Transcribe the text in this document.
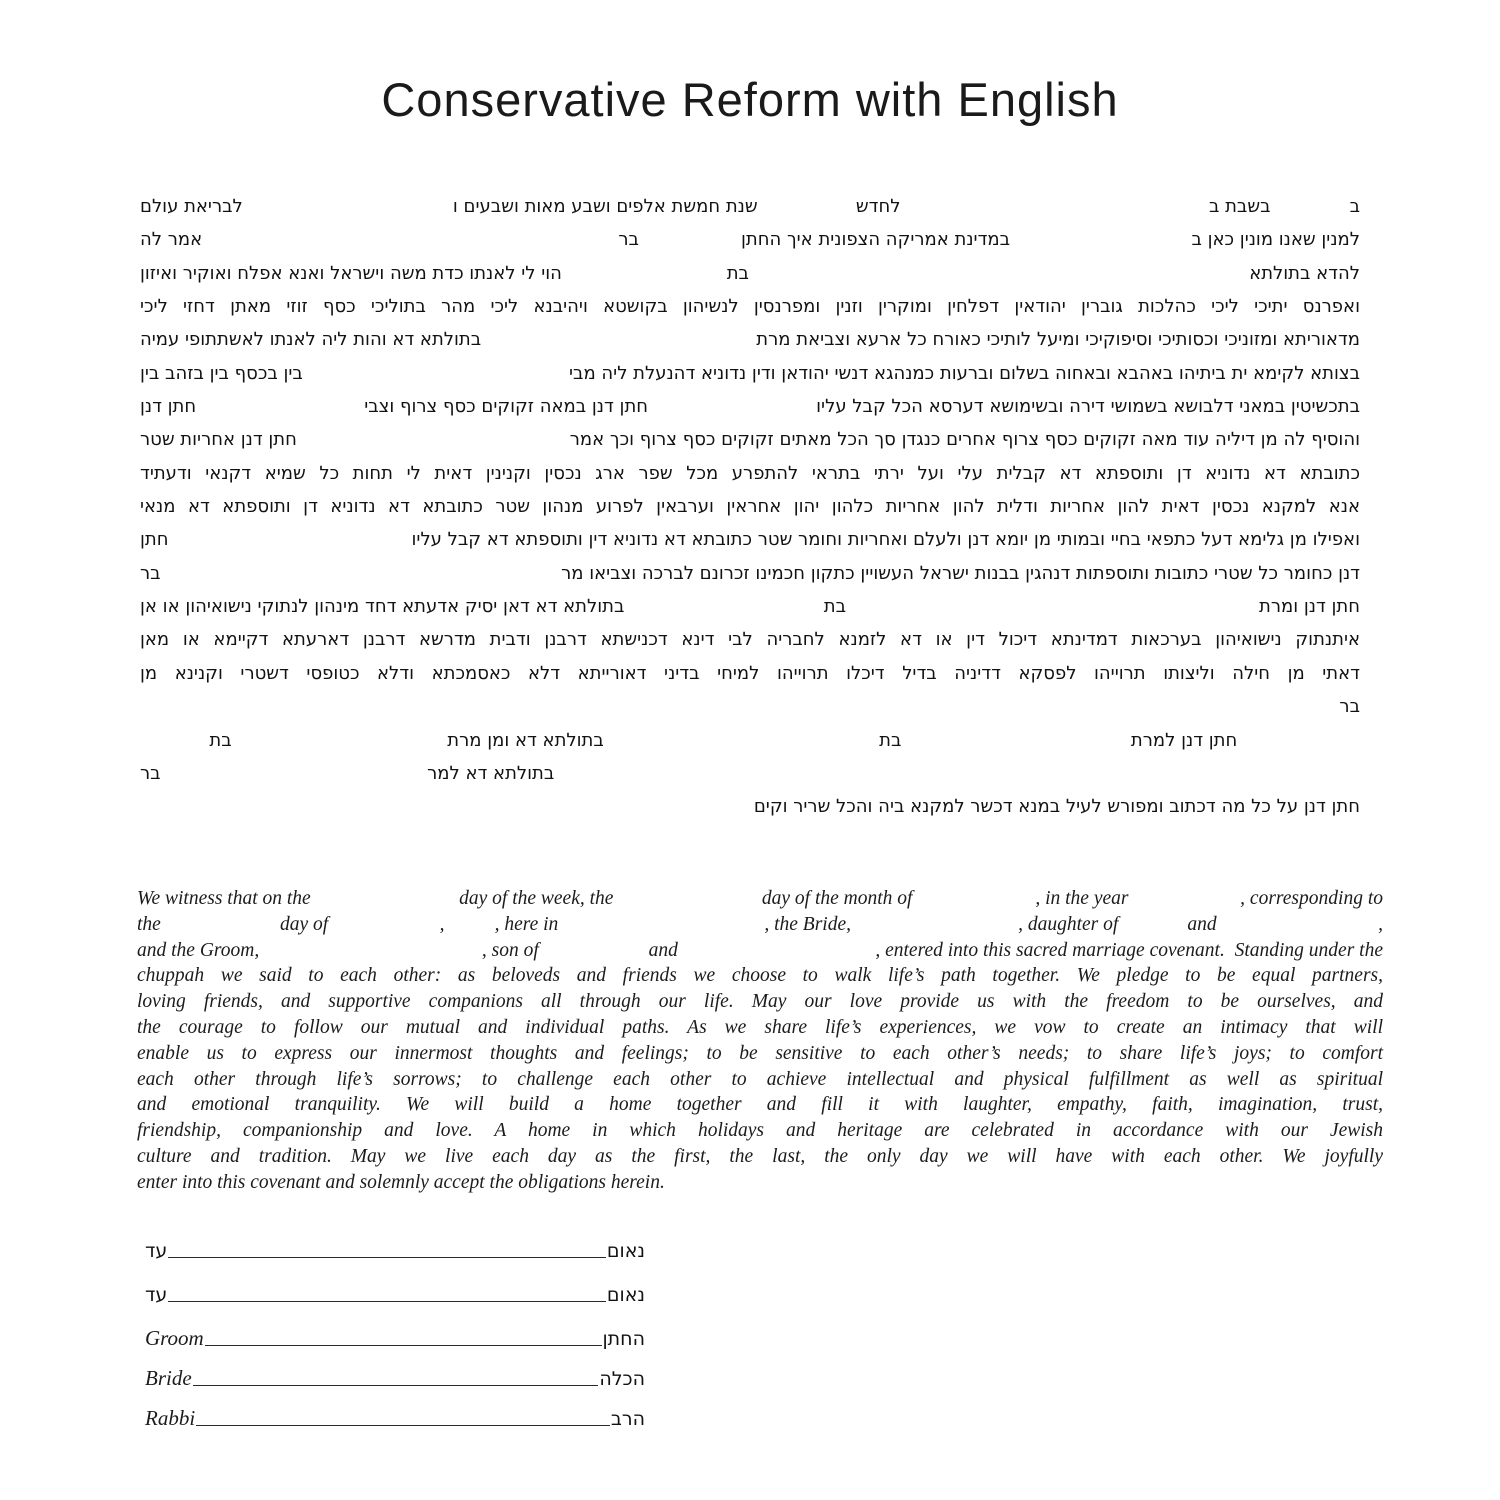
Conservative Reform with English
ב
בשבת ב
לחדש
שנת חמשת אלפים ושבע מאות ושבעים ו
לבריאת עולם
למנין שאנו מונין כאן ב
במדינת אמריקה הצפונית איך החתן
בר
אמר לה
להדא בתולתא
בת
הוי לי לאנתו כדת משה וישראל ואנא אפלח ואוקיר ואיזון
ואפרנס יתיכי ליכי כהלכות גוברין יהודאין דפלחין ומוקרין וזנין ומפרנסין לנשיהון בקושטא ויהיבנא ליכי מהר בתוליכי כסף זוזי מאתן דחזי ליכי
מדאוריתא ומזוניכי וכסותיכי וסיפוקיכי ומיעל לותיכי כאורח כל ארעא וצביאת מרת
בתולתא דא והות ליה לאנתו לאשתתופי עמיה
בצותא לקימא ית ביתיהו באהבא ובאחוה בשלום וברעות כמנהגא דנשי יהודאן ודין נדוניא דהנעלת ליה מבי
בין בכסף בין בזהב בין
בתכשיטין במאני דלבושא בשמושי דירה ובשימושא דערסא הכל קבל עליו
חתן דנן במאה זקוקים כסף צרוף וצבי
חתן דנן
והוסיף לה מן דיליה עוד מאה זקוקים כסף צרוף אחרים כנגדן סך הכל מאתים זקוקים כסף צרוף וכך אמר
חתן דנן אחריות שטר
כתובתא דא נדוניא דן ותוספתא דא קבלית עלי ועל ירתי בתראי להתפרע מכל שפר ארג נכסין וקנינין דאית לי תחות כל שמיא דקנאי ודעתיד
אנא למקנא נכסין דאית להון אחריות ודלית להון אחריות כלהון יהון אחראין וערבאין לפרוע מנהון שטר כתובתא דא נדוניא דן ותוספתא דא מנאי
ואפילו מן גלימא דעל כתפאי בחיי ובמותי מן יומא דנן ולעלם ואחריות וחומר שטר כתובתא דא נדוניא דין ותוספתא דא קבל עליו
חתן
דנן כחומר כל שטרי כתובות ותוספתות דנהגין בבנות ישראל העשויין כתקון חכמינו זכרונם לברכה וצביאו מר
בר
חתן דנן ומרת
בת
בתולתא דא דאן יסיק אדעתא דחד מינהון לנתוקי נישואיהון או אן
איתנתוק נישואיהון בערכאות דמדינתא דיכול דין או דא לזמנא לחבריה לבי דינא דכנישתא דרבנן ודבית מדרשא דרבנן דארעתא דקיימא או מאן
דאתי מן חילה וליצותו תרוייהו לפסקא דדיניה בדיל דיכלו תרוייהו למיחי בדיני דאורייתא דלא כאסמכתא ודלא כטופסי דשטרי וקנינא מן
בר
חתן דנן למרת
בת
בתולתא דא ומן מרת
בת
בתולתא דא למר
בר
חתן דנן על כל מה דכתוב ומפורש לעיל במנא דכשר למקנא ביה והכל שריר וקים
We witness that on the	day of the week, the	day of the month of	, in the year	, corresponding to
the	day of	,	, here in	, the Bride,	, daughter of	and	,
and the Groom,	, son of	and	, entered into this sacred marriage covenant.  Standing under the
chuppah we said to each other: as beloveds and friends we choose to walk life’s path together. We pledge to be equal partners,
loving friends, and supportive companions all through our life. May our love provide us with the freedom to be ourselves, and
the courage to follow our mutual and individual paths. As we share life’s experiences, we vow to create an intimacy that will
enable us to express our innermost thoughts and feelings; to be sensitive to each other’s needs; to share life’s joys; to comfort
each other through life’s sorrows; to challenge each other to achieve intellectual and physical fulfillment as well as spiritual
and emotional tranquility. We will build a home together and fill it with laughter, empathy, faith, imagination, trust,
friendship, companionship and love. A home in which holidays and heritage are celebrated in accordance with our Jewish
culture and tradition. May we live each day as the first, the last, the only day we will have with each other. We joyfully
enter into this covenant and solemnly accept the obligations herein.
עד	נאום
עד	נאום
Groom	החתן
Bride	הכלה
Rabbi	הרב
